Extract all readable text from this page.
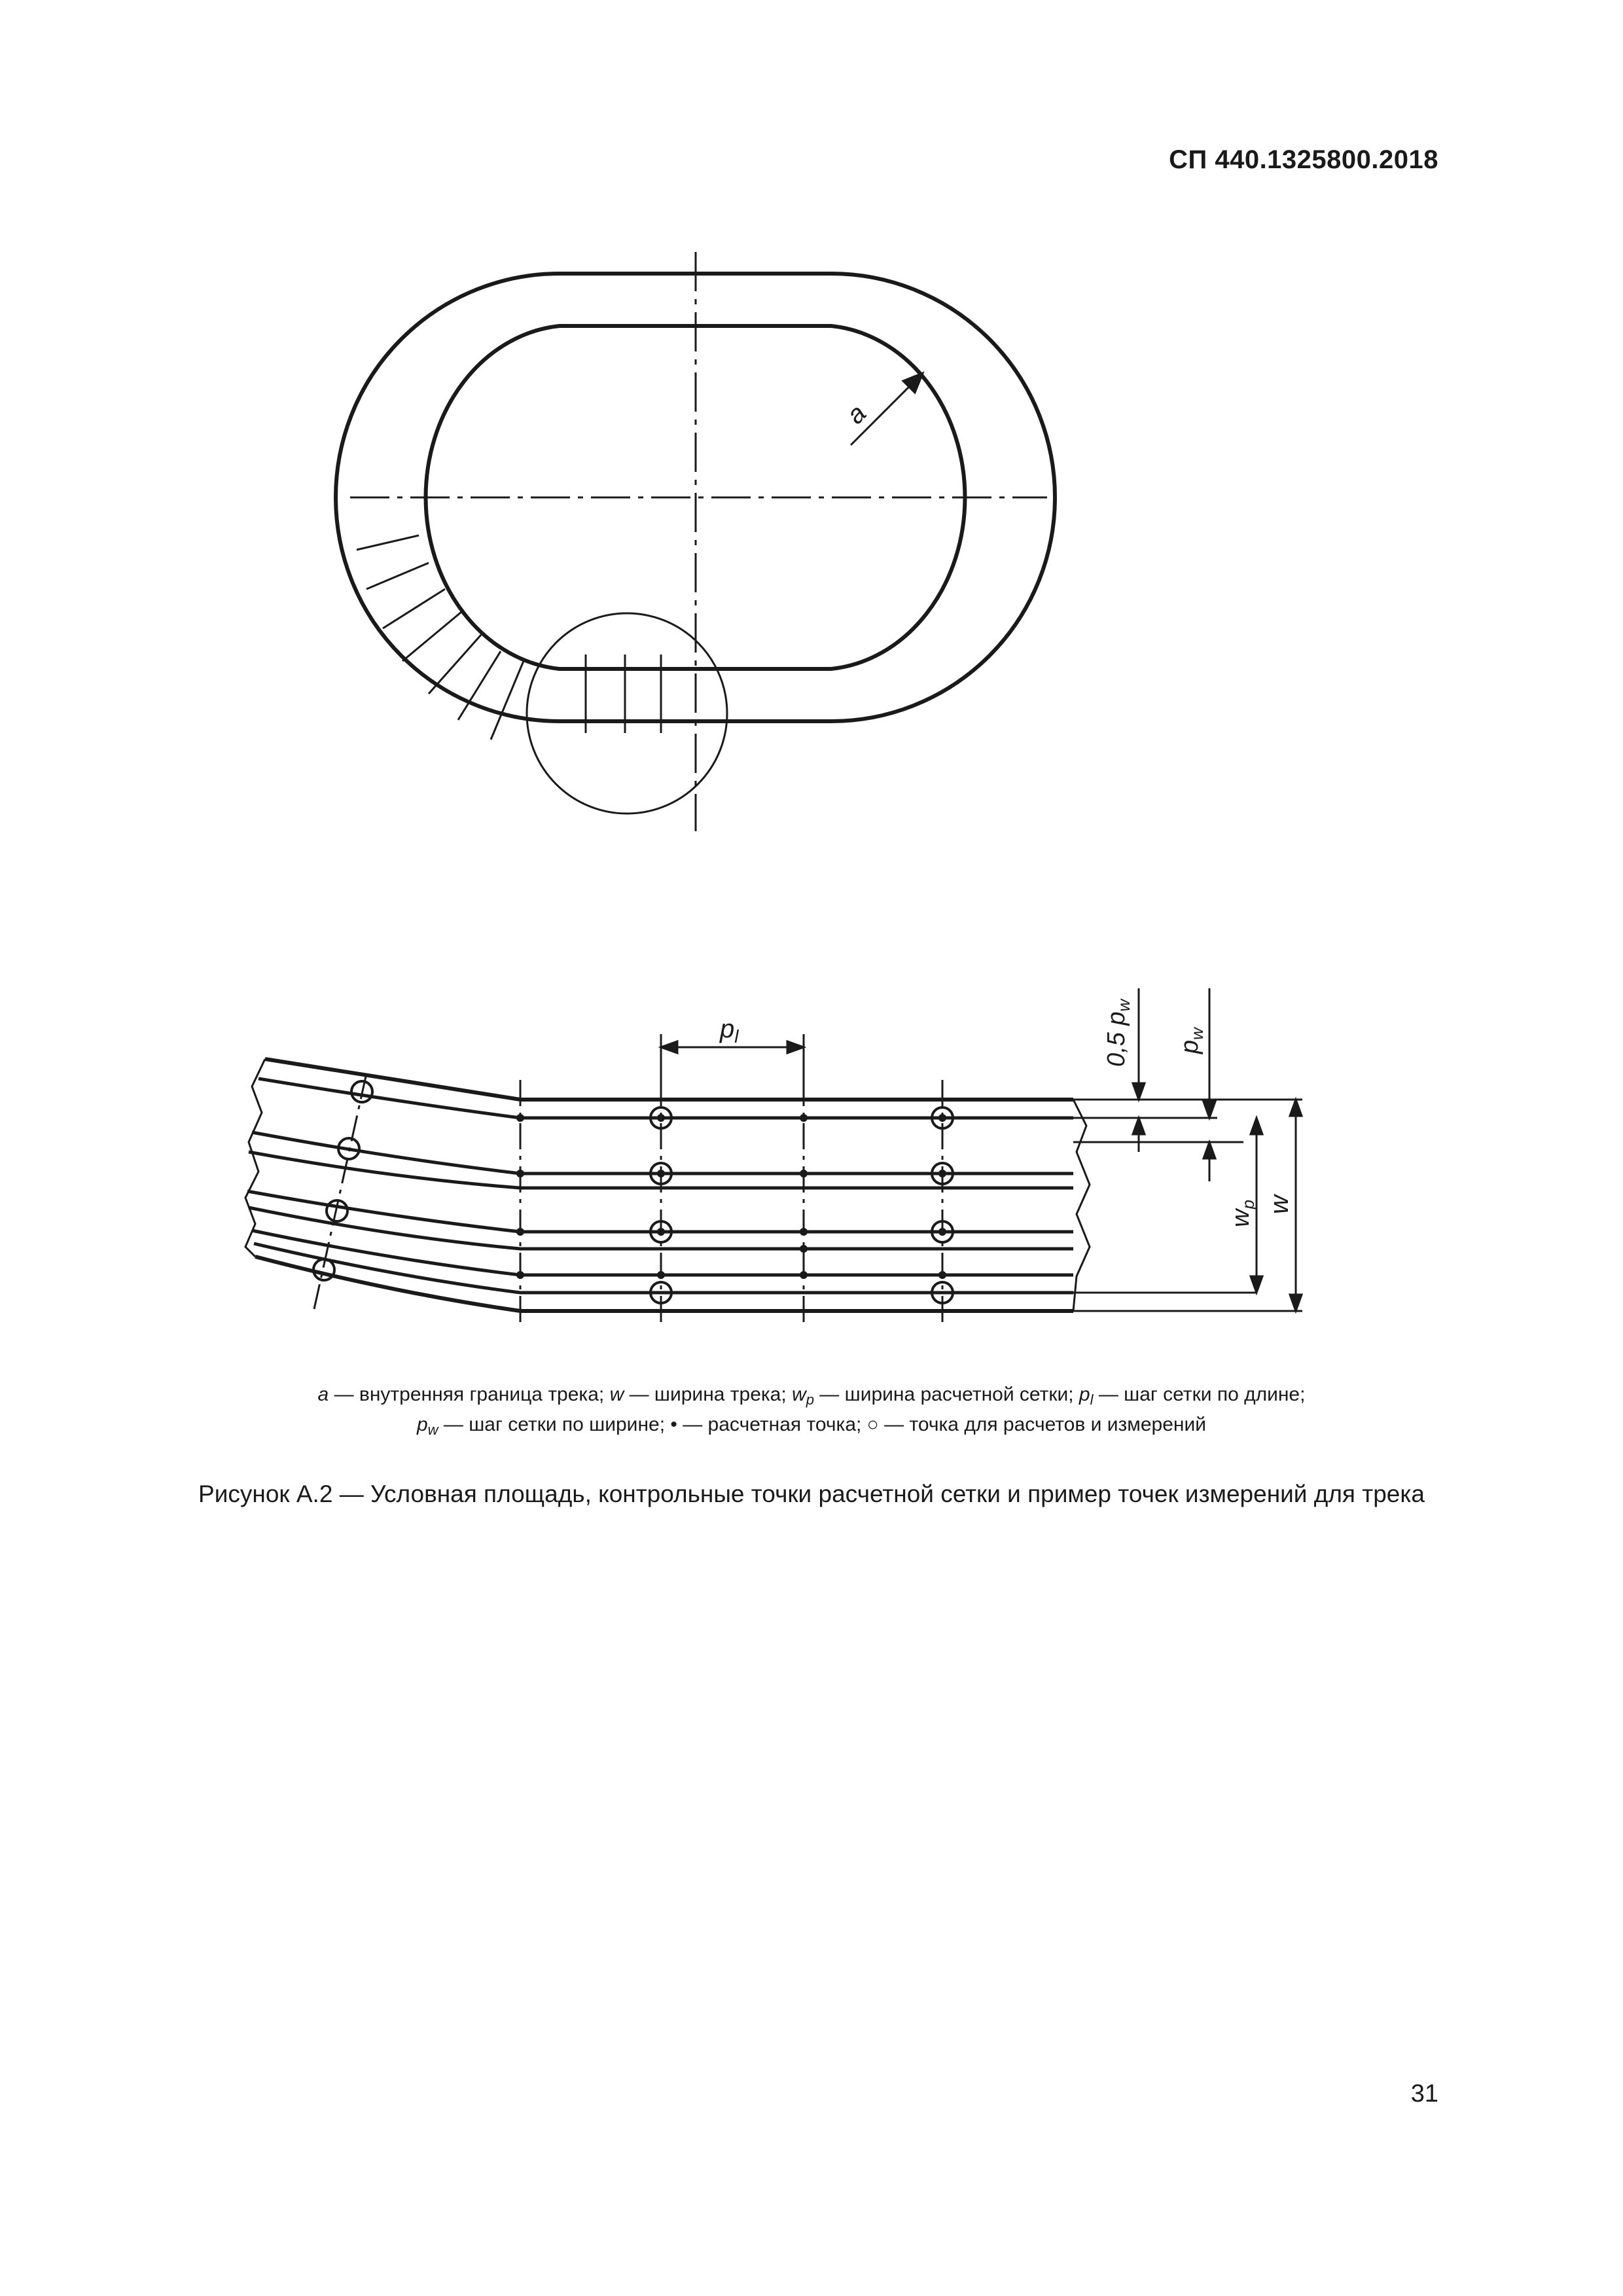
СП 440.1325800.2018
a
$p_l$	0,5 $p_w$
$p_w$
$w_p$ w
a — внутренняя граница трека; w — ширина трека; $w_p$ — ширина расчетной сетки; $p_l$ — шаг сетки по длине;
$p_w$ — шаг сетки по ширине; • — расчетная точка; ○ — точка для расчетов и измерений
Рисунок А.2 — Условная площадь, контрольные точки расчетной сетки и пример точек измерений для трека
31
